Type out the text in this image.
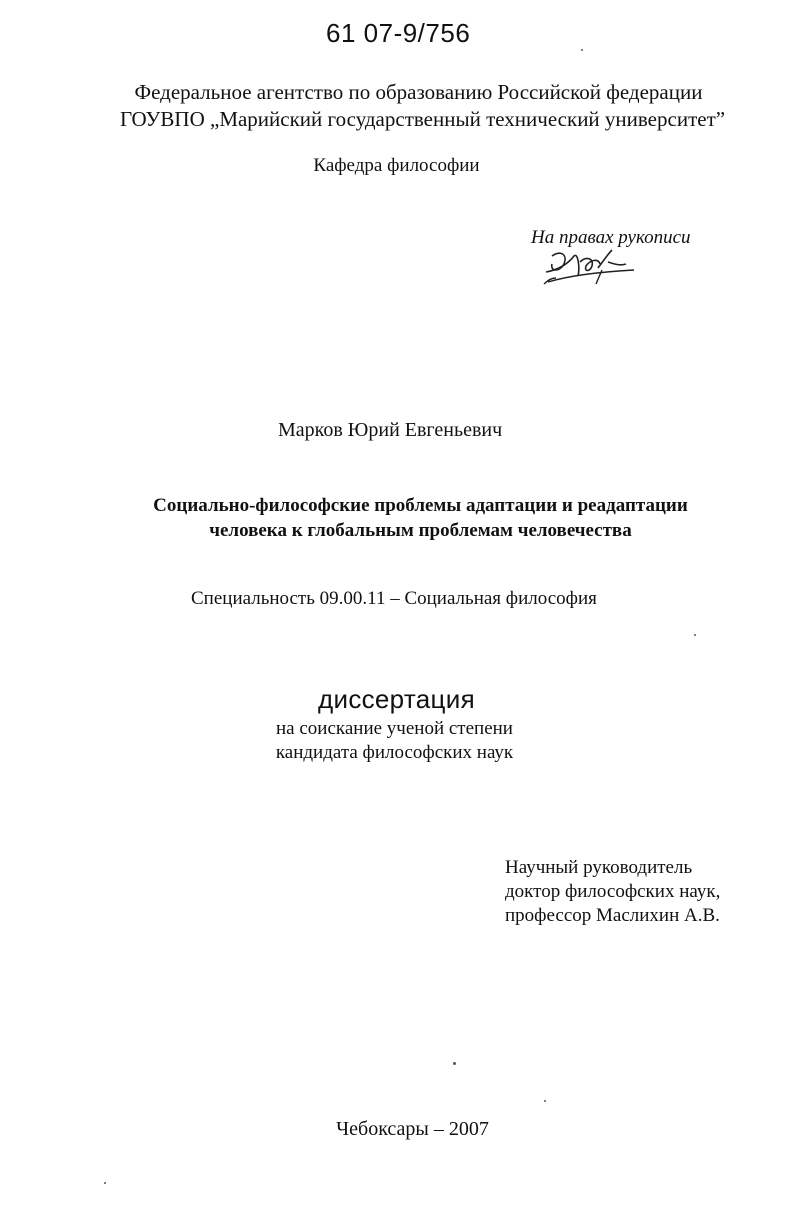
61 07-9/756
Федеральное агентство по образованию Российской федерации
ГОУВПО „Марийский государственный технический университет”
Кафедра философии
На правах рукописи
Марков Юрий Евгеньевич
Социально-философские проблемы адаптации и реадаптации
человека к глобальным проблемам человечества
Специальность 09.00.11 – Социальная философия
диссертация
на соискание ученой степени
кандидата философских наук
Научный руководитель
доктор философских наук,
профессор Маслихин А.В.
Чебоксары – 2007
